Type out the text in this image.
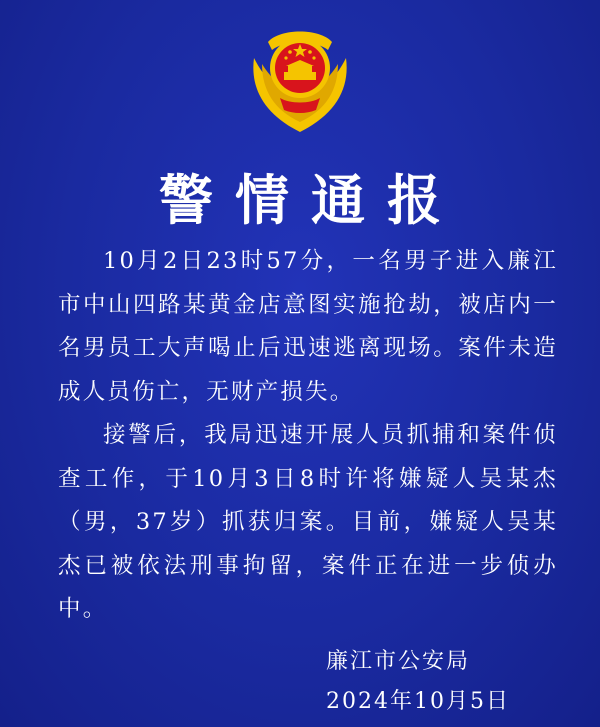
警情通报

10月2日23时57分，一名男子进入廉江市中山四路某黄金店意图实施抢劫，被店内一名男员工大声喝止后迅速逃离现场。案件未造成人员伤亡，无财产损失。

接警后，我局迅速开展人员抓捕和案件侦查工作，于10月3日8时许将嫌疑人吴某杰（男，37岁）抓获归案。目前，嫌疑人吴某杰已被依法刑事拘留，案件正在进一步侦办中。

廉江市公安局
2024年10月5日
